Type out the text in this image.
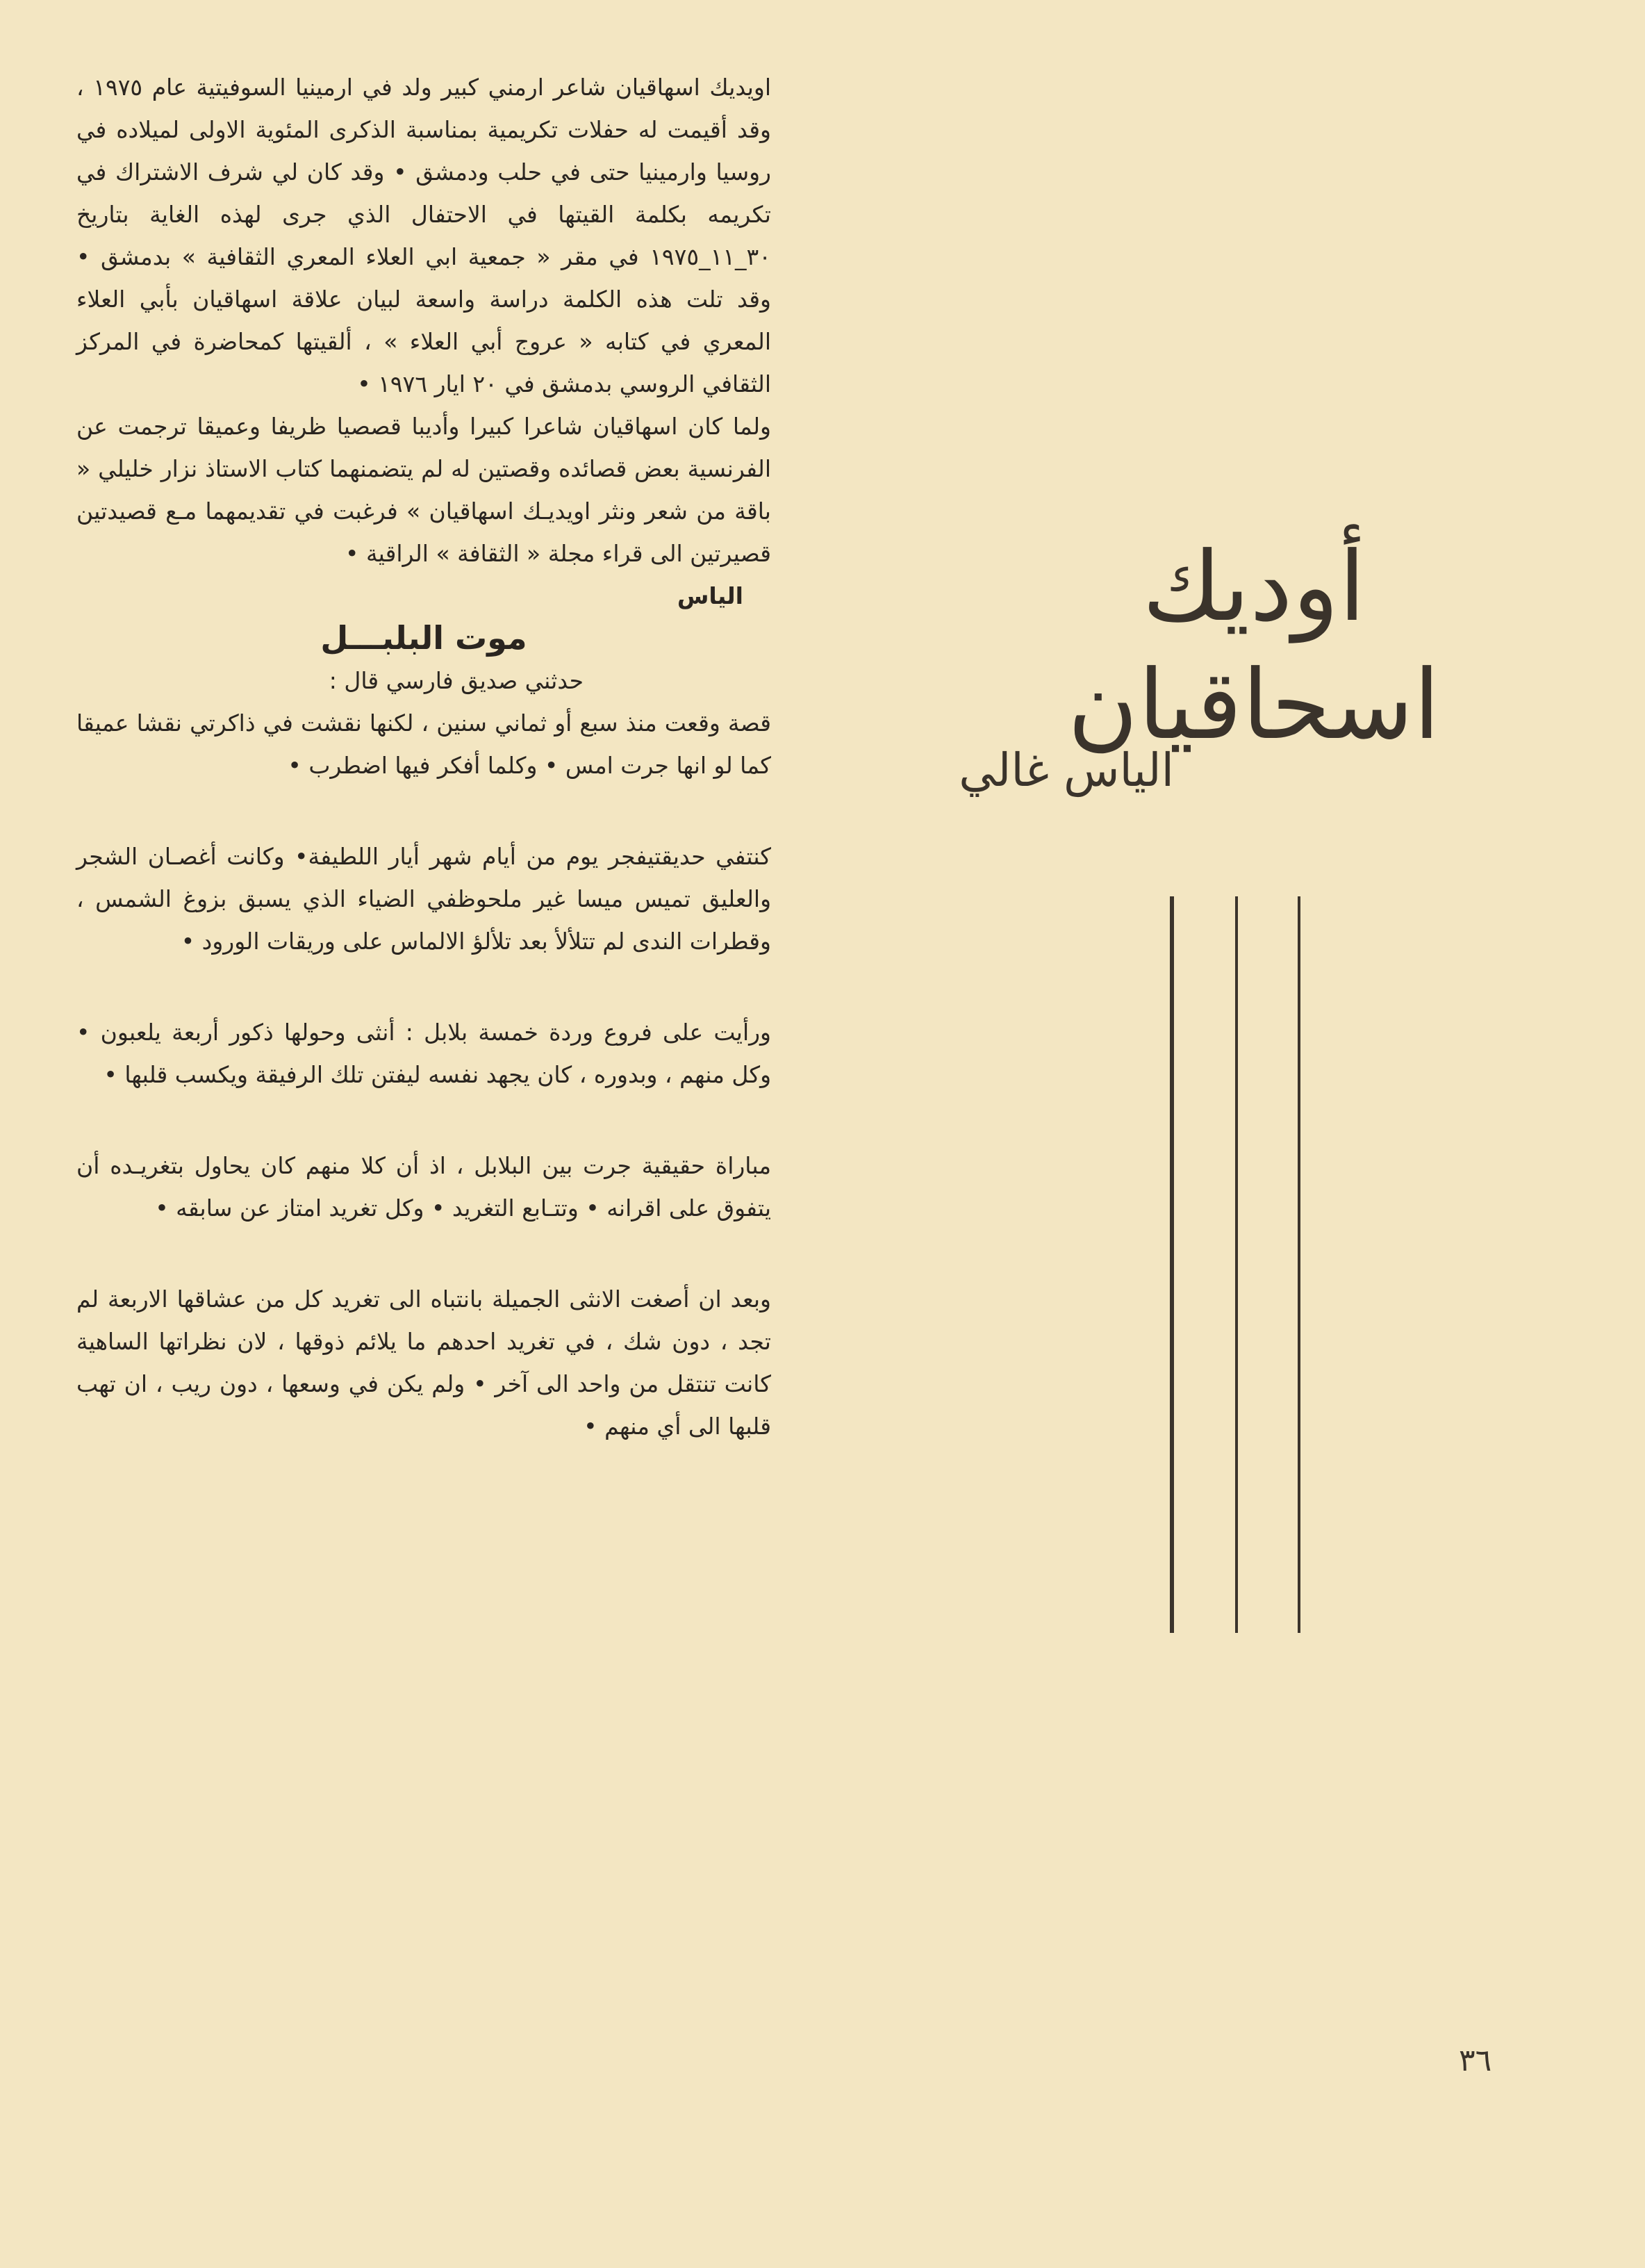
اويديك اسهاقيان شاعر ارمني كبير ولد في ارمينيا السوفيتية عام ١٩٧٥ ، وقد أقيمت له حفلات تكريمية بمناسبة الذكرى المئوية الاولى لميلاده في روسيا وارمينيا حتى في حلب ودمشق • وقد كان لي شرف الاشتراك في تكريمه بكلمة القيتها في الاحتفال الذي جرى لهذه الغاية بتاريخ ٣٠_١١_١٩٧٥ في مقر « جمعية ابي العلاء المعري الثقافية » بدمشق • وقد تلت هذه الكلمة دراسة واسعة لبيان علاقة اسهاقيان بأبي العلاء المعري في كتابه « عروج أبي العلاء » ، ألقيتها كمحاضرة في المركز الثقافي الروسي بدمشق في ٢٠ ايار ١٩٧٦ •

ولما كان اسهاقيان شاعرا كبيرا وأديبا قصصيا ظريفا وعميقا ترجمت عن الفرنسية بعض قصائده وقصتين له لم يتضمنهما كتاب الاستاذ نزار خليلي « باقة من شعر ونثر اويديـك اسهاقيان » فرغبت في تقديمهما مـع قصيدتين قصيرتين الى قراء مجلة « الثقافة » الراقية •

الياس

موت البلبـــل

حدثني صديق فارسي قال :

قصة وقعت منذ سبع أو ثماني سنين ، لكنها نقشت في ذاكرتي نقشا عميقا كما لو انها جرت امس • وكلما أفكر فيها اضطرب •

كنتفي حديقتيفجر يوم من أيام شهر أيار اللطيفة• وكانت أغصـان الشجر والعليق تميس ميسا غير ملحوظفي الضياء الذي يسبق بزوغ الشمس ، وقطرات الندى لم تتلألأ بعد تلألؤ الالماس على وريقات الورود •

ورأيت على فروع وردة خمسة بلابل : أنثى وحولها ذكور أربعة يلعبون • وكل منهم ، وبدوره ، كان يجهد نفسه ليفتن تلك الرفيقة ويكسب قلبها •

مباراة حقيقية جرت بين البلابل ، اذ أن كلا منهم كان يحاول بتغريـده أن يتفوق على اقرانه • وتتـابع التغريد • وكل تغريد امتاز عن سابقه •

وبعد ان أصغت الانثى الجميلة بانتباه الى تغريد كل من عشاقها الاربعة لم تجد ، دون شك ، في تغريد احدهم ما يلائم ذوقها ، لان نظراتها الساهية كانت تنتقل من واحد الى آخر • ولم يكن في وسعها ، دون ريب ، ان تهب قلبها الى أي منهم •

أوديك اسحاقيان
الياس غالي
٣٦
